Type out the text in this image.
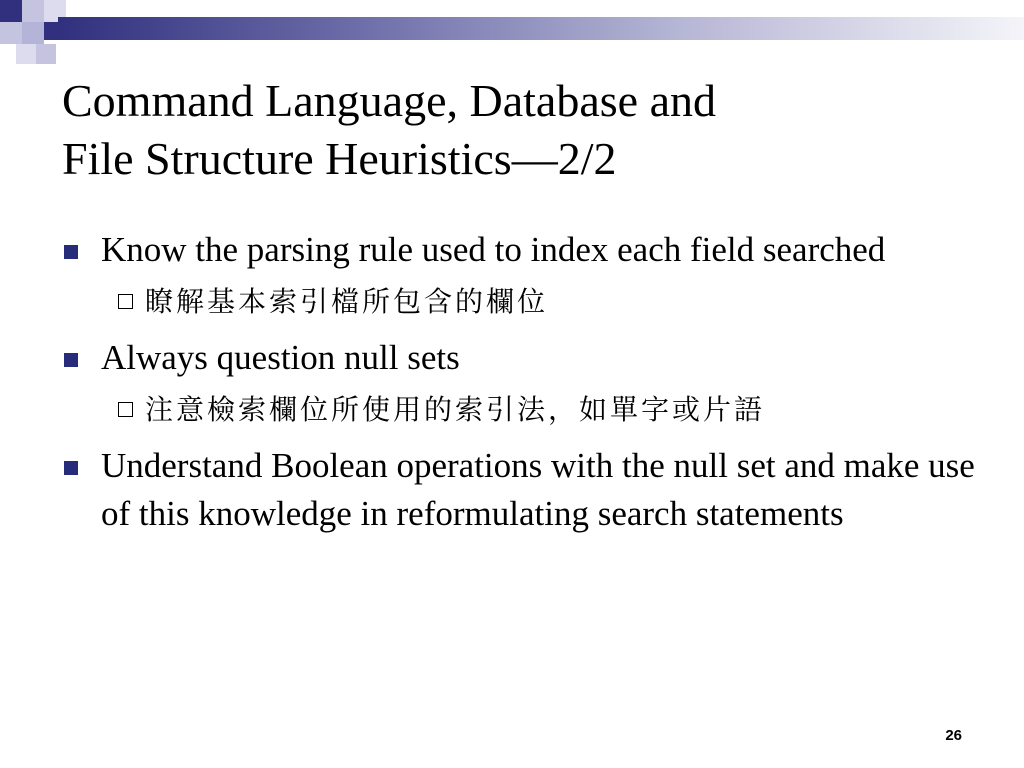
Command Language, Database and
File Structure Heuristics—2/2
Know the parsing rule used to index each field searched
瞭解基本索引檔所包含的欄位
Always question null sets
注意檢索欄位所使用的索引法，如單字或片語
Understand Boolean operations with the null set and make use of this knowledge in reformulating search statements
26
